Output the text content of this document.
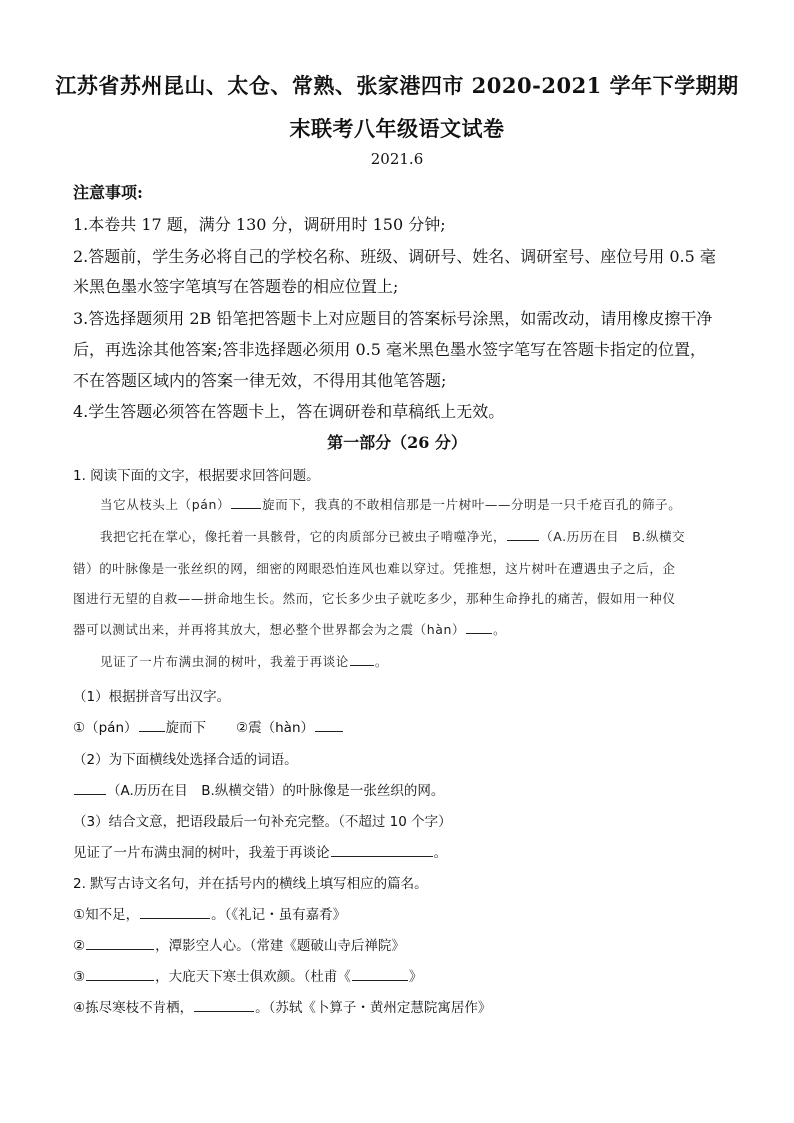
江苏省苏州昆山、太仓、常熟、张家港四市 2020-2021 学年下学期期
末联考八年级语文试卷
2021.6
注意事项:
1.本卷共 17 题，满分 130 分，调研用时 150 分钟;
2.答题前，学生务必将自己的学校名称、班级、调研号、姓名、调研室号、座位号用 0.5 毫
米黑色墨水签字笔填写在答题卷的相应位置上;
3.答选择题须用 2B 铅笔把答题卡上对应题目的答案标号涂黑，如需改动，请用橡皮擦干净
后，再选涂其他答案;答非选择题必须用 0.5 毫米黑色墨水签字笔写在答题卡指定的位置，
不在答题区域内的答案一律无效，不得用其他笔答题;
4.学生答题必须答在答题卡上，答在调研卷和草稿纸上无效。
第一部分（26 分）
1. 阅读下面的文字，根据要求回答问题。
当它从枝头上（pán）	旋而下，我真的不敢相信那是一片树叶——分明是一只千疮百孔的筛子。
我把它托在掌心，像托着一具骸骨，它的肉质部分已被虫子啃噬净光，	（A.历历在目　B.纵横交
错）的叶脉像是一张丝织的网，细密的网眼恐怕连风也难以穿过。凭推想，这片树叶在遭遇虫子之后，企
图进行无望的自救——拼命地生长。然而，它长多少虫子就吃多少，那种生命挣扎的痛苦，假如用一种仪
器可以测试出来，并再将其放大，想必整个世界都会为之震（hàn） 。
见证了一片布满虫洞的树叶，我羞于再谈论 。
（1）根据拼音写出汉字。
①（pán） 旋而下 ②震（hàn）
（2）为下面横线处选择合适的词语。
（A.历历在目　B.纵横交错）的叶脉像是一张丝织的网。
（3）结合文意，把语段最后一句补充完整。（不超过 10 个字）
见证了一片布满虫洞的树叶，我羞于再谈论	。
2. 默写古诗文名句，并在括号内的横线上填写相应的篇名。
①知不足，	。（《礼记・虽有嘉肴》
②	，潭影空人心。（常建《题破山寺后禅院》
③	，大庇天下寒士俱欢颜。（杜甫《	》
④拣尽寒枝不肯栖，	。（苏轼《卜算子・黄州定慧院寓居作》
